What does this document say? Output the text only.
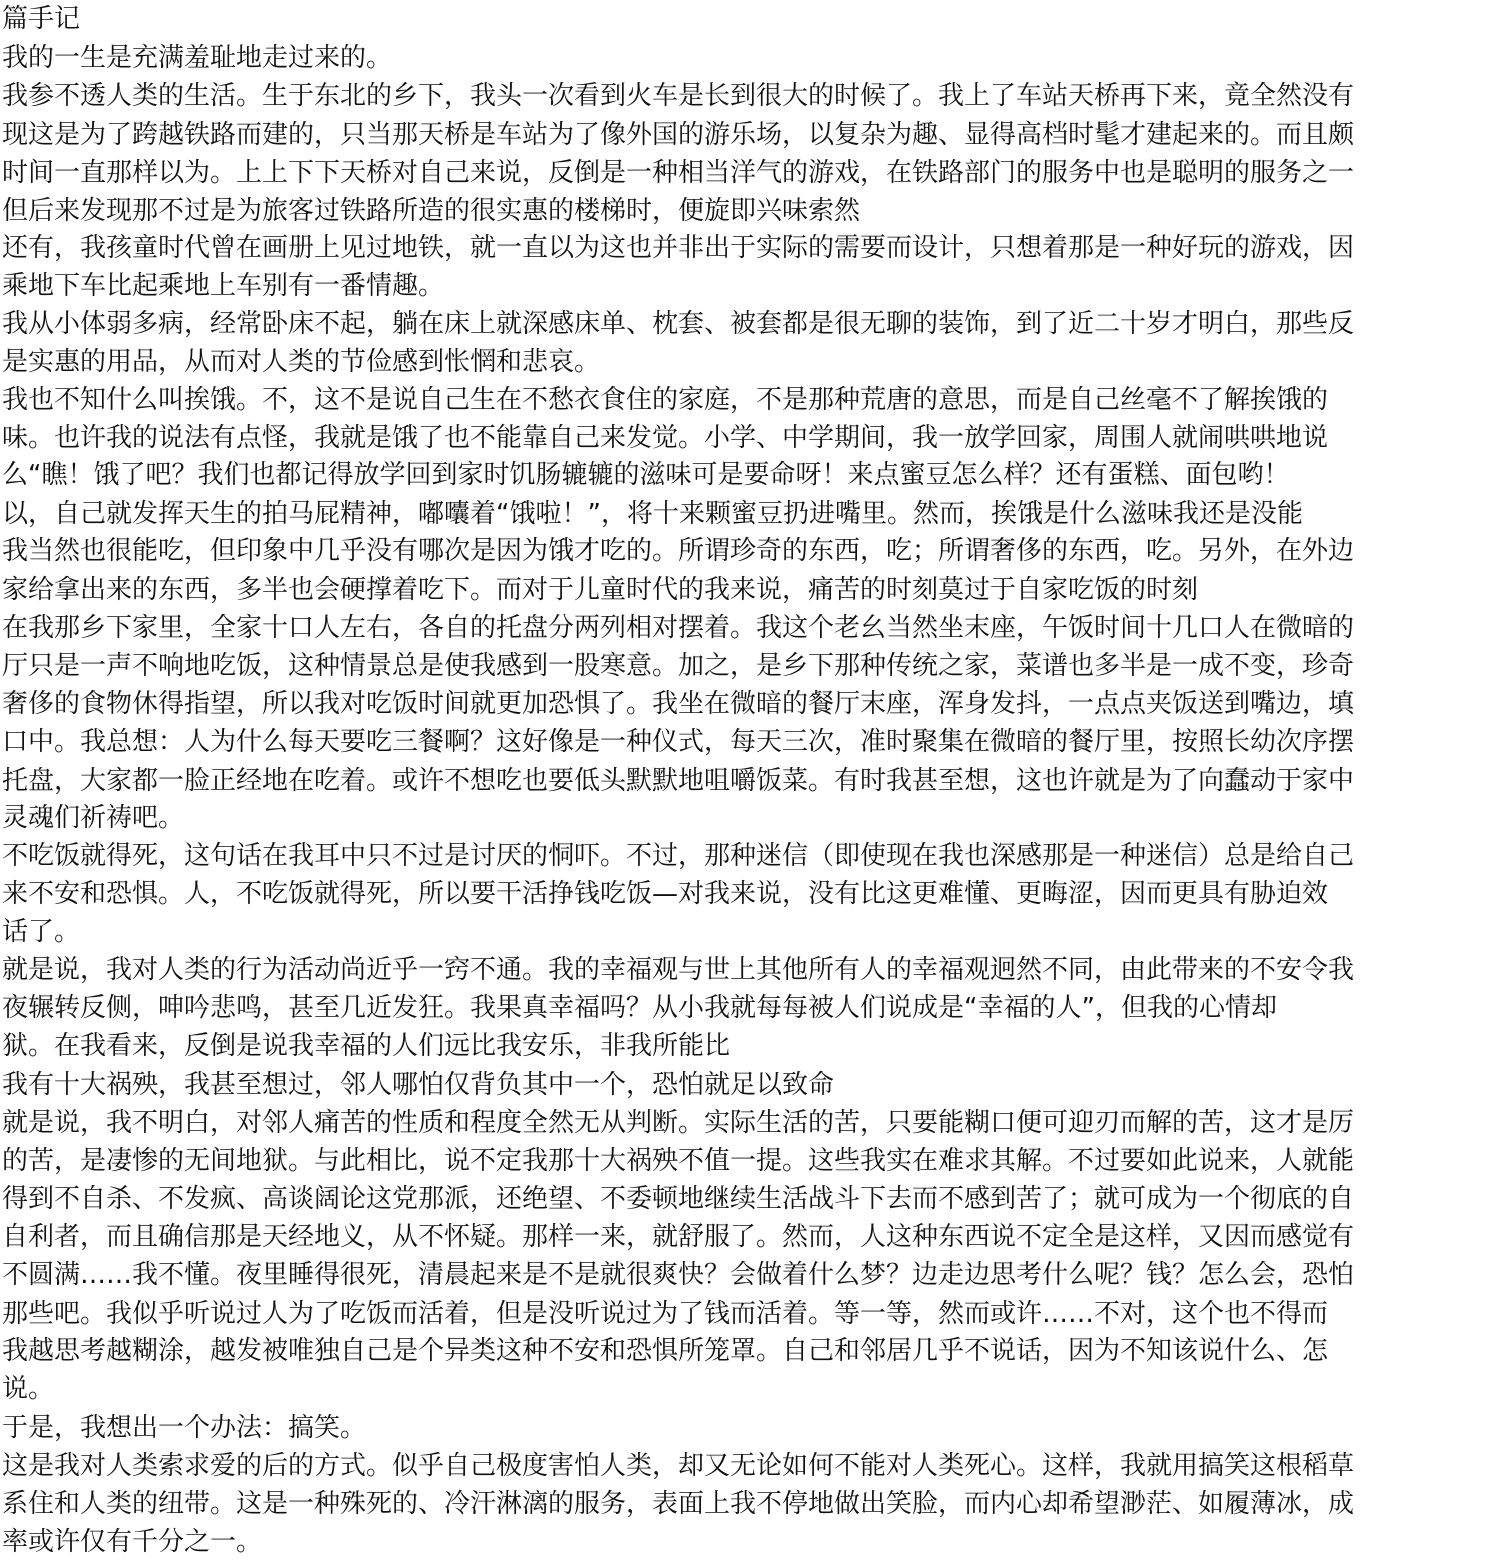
篇手记
我的一生是充满羞耻地走过来的。
我参不透人类的生活。生于东北的乡下，我头一次看到火车是长到很大的时候了。我上了车站天桥再下来，竟全然没有
现这是为了跨越铁路而建的，只当那天桥是车站为了像外国的游乐场，以复杂为趣、显得高档时髦才建起来的。而且颇
时间一直那样以为。上上下下天桥对自己来说，反倒是一种相当洋气的游戏，在铁路部门的服务中也是聪明的服务之一
但后来发现那不过是为旅客过铁路所造的很实惠的楼梯时，便旋即兴味索然
还有，我孩童时代曾在画册上见过地铁，就一直以为这也并非出于实际的需要而设计，只想着那是一种好玩的游戏，因
乘地下车比起乘地上车别有一番情趣。
我从小体弱多病，经常卧床不起，躺在床上就深感床单、枕套、被套都是很无聊的装饰，到了近二十岁才明白，那些反
是实惠的用品，从而对人类的节俭感到怅惘和悲哀。
我也不知什么叫挨饿。不，这不是说自己生在不愁衣食住的家庭，不是那种荒唐的意思，而是自己丝毫不了解挨饿的
味。也许我的说法有点怪，我就是饿了也不能靠自己来发觉。小学、中学期间，我一放学回家，周围人就闹哄哄地说
么“瞧！饿了吧？我们也都记得放学回到家时饥肠辘辘的滋味可是要命呀！来点蜜豆怎么样？还有蛋糕、面包哟！
以，自己就发挥天生的拍马屁精神，嘟囔着“饿啦！”，将十来颗蜜豆扔进嘴里。然而，挨饿是什么滋味我还是没能
我当然也很能吃，但印象中几乎没有哪次是因为饿才吃的。所谓珍奇的东西，吃；所谓奢侈的东西，吃。另外，在外边
家给拿出来的东西，多半也会硬撑着吃下。而对于儿童时代的我来说，痛苦的时刻莫过于自家吃饭的时刻
在我那乡下家里，全家十口人左右，各自的托盘分两列相对摆着。我这个老幺当然坐末座，午饭时间十几口人在微暗的
厅只是一声不响地吃饭，这种情景总是使我感到一股寒意。加之，是乡下那种传统之家，菜谱也多半是一成不变，珍奇
奢侈的食物休得指望，所以我对吃饭时间就更加恐惧了。我坐在微暗的餐厅末座，浑身发抖，一点点夹饭送到嘴边，填
口中。我总想：人为什么每天要吃三餐啊？这好像是一种仪式，每天三次，准时聚集在微暗的餐厅里，按照长幼次序摆
托盘，大家都一脸正经地在吃着。或许不想吃也要低头默默地咀嚼饭菜。有时我甚至想，这也许就是为了向蠢动于家中
灵魂们祈祷吧。
不吃饭就得死，这句话在我耳中只不过是讨厌的恫吓。不过，那种迷信（即使现在我也深感那是一种迷信）总是给自己
来不安和恐惧。人，不吃饭就得死，所以要干活挣钱吃饭—对我来说，没有比这更难懂、更晦涩，因而更具有胁迫效
话了。
就是说，我对人类的行为活动尚近乎一窍不通。我的幸福观与世上其他所有人的幸福观迥然不同，由此带来的不安令我
夜辗转反侧，呻吟悲鸣，甚至几近发狂。我果真幸福吗？从小我就每每被人们说成是“幸福的人”，但我的心情却
狱。在我看来，反倒是说我幸福的人们远比我安乐，非我所能比
我有十大祸殃，我甚至想过，邻人哪怕仅背负其中一个，恐怕就足以致命
就是说，我不明白，对邻人痛苦的性质和程度全然无从判断。实际生活的苦，只要能糊口便可迎刃而解的苦，这才是厉
的苦，是凄惨的无间地狱。与此相比，说不定我那十大祸殃不值一提。这些我实在难求其解。不过要如此说来，人就能
得到不自杀、不发疯、高谈阔论这党那派，还绝望、不委顿地继续生活战斗下去而不感到苦了；就可成为一个彻底的自
自利者，而且确信那是天经地义，从不怀疑。那样一来，就舒服了。然而，人这种东西说不定全是这样，又因而感觉有
不圆满……我不懂。夜里睡得很死，清晨起来是不是就很爽快？会做着什么梦？边走边思考什么呢？钱？怎么会，恐怕
那些吧。我似乎听说过人为了吃饭而活着，但是没听说过为了钱而活着。等一等，然而或许……不对，这个也不得而
我越思考越糊涂，越发被唯独自己是个异类这种不安和恐惧所笼罩。自己和邻居几乎不说话，因为不知该说什么、怎
说。
于是，我想出一个办法：搞笑。
这是我对人类索求爱的后的方式。似乎自己极度害怕人类，却又无论如何不能对人类死心。这样，我就用搞笑这根稻草
系住和人类的纽带。这是一种殊死的、冷汗淋漓的服务，表面上我不停地做出笑脸，而内心却希望渺茫、如履薄冰，成
率或许仅有千分之一。
